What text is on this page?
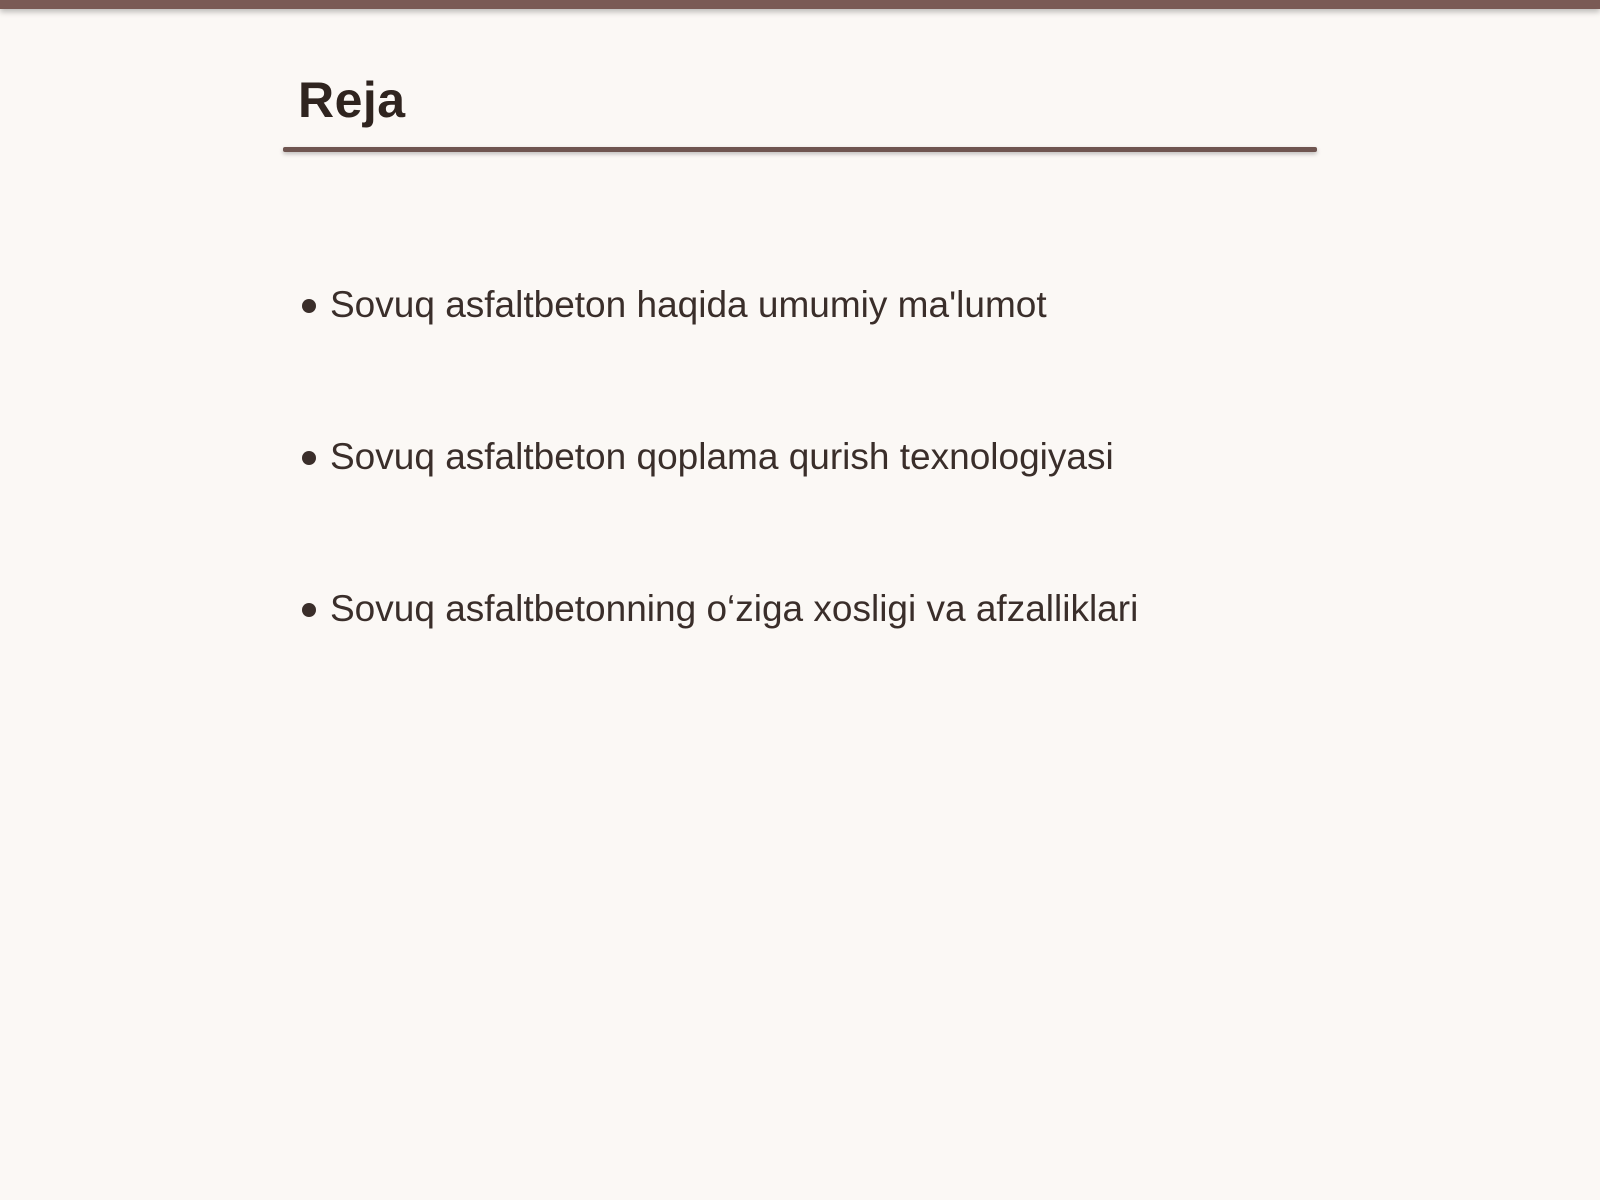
Reja
Sovuq asfaltbeton haqida umumiy ma'lumot
Sovuq asfaltbeton qoplama qurish texnologiyasi
Sovuq asfaltbetonning o‘ziga xosligi va afzalliklari
